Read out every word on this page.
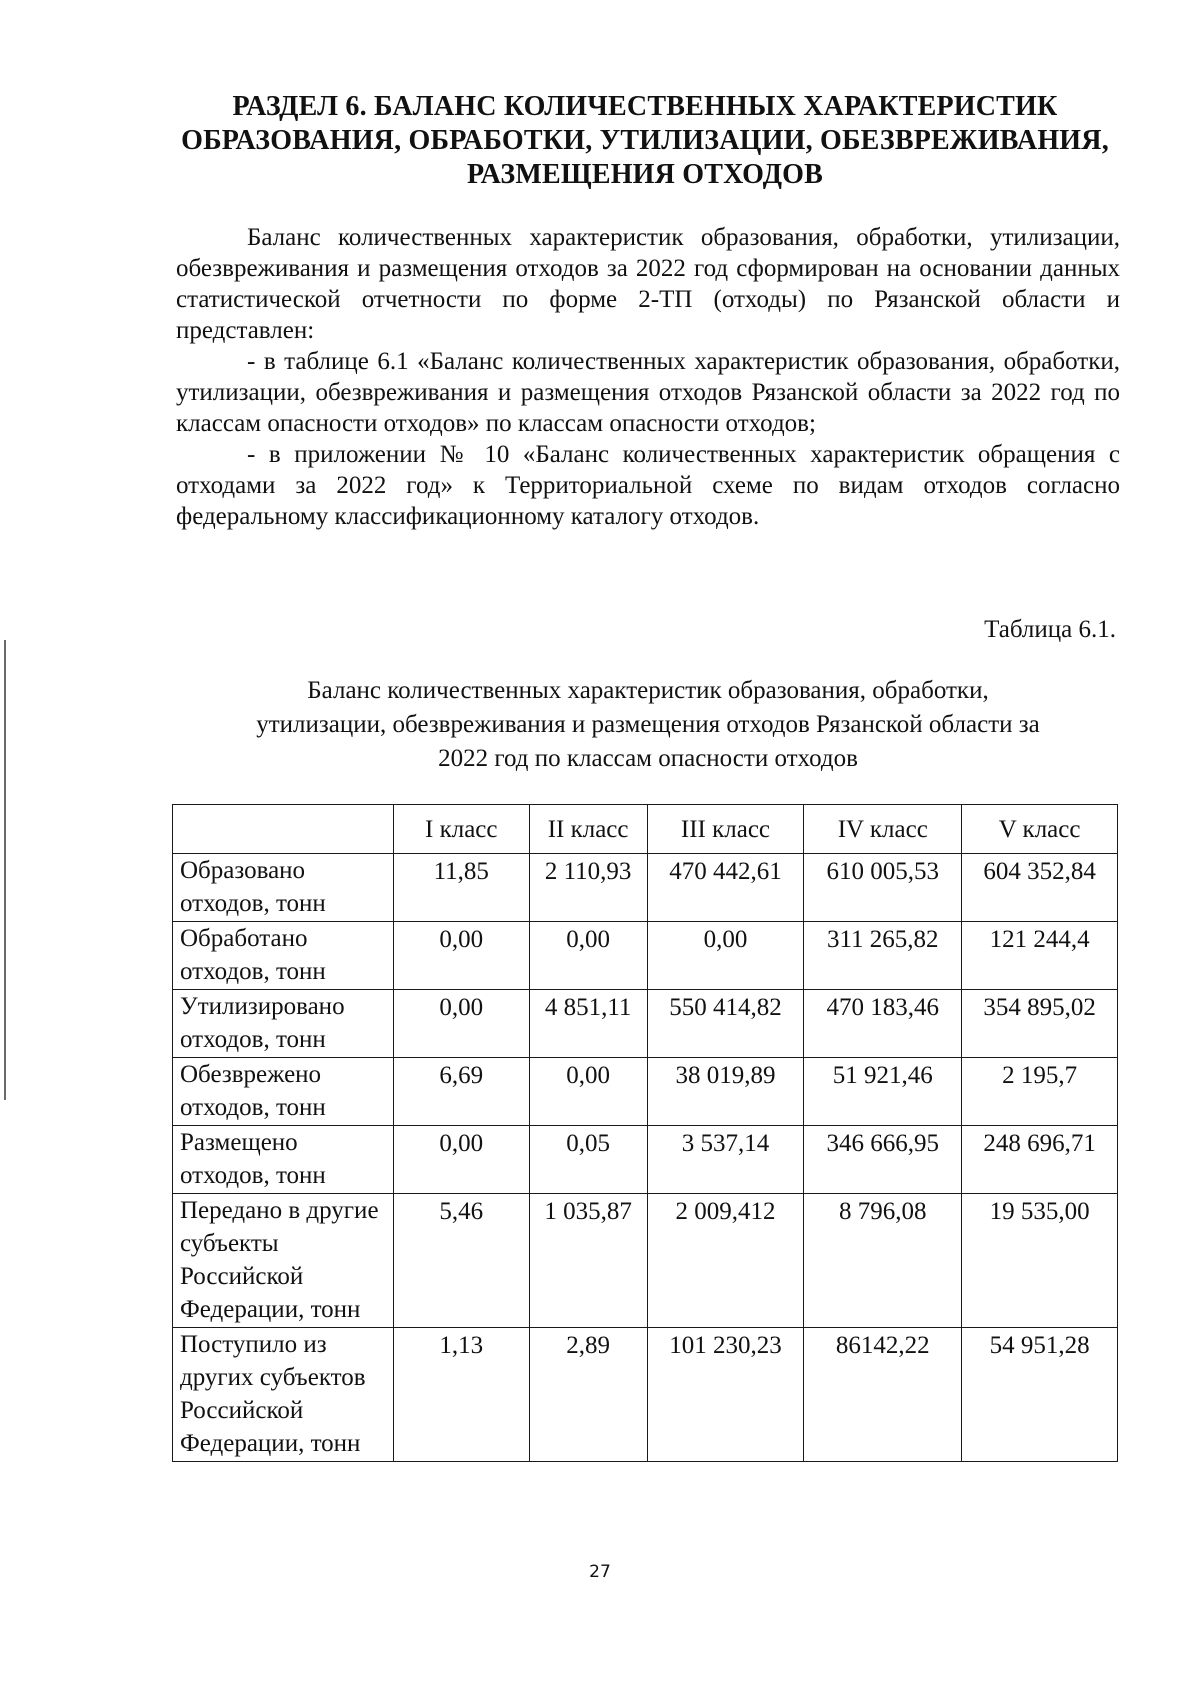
РАЗДЕЛ 6. БАЛАНС КОЛИЧЕСТВЕННЫХ ХАРАКТЕРИСТИК
ОБРАЗОВАНИЯ, ОБРАБОТКИ, УТИЛИЗАЦИИ, ОБЕЗВРЕЖИВАНИЯ,
РАЗМЕЩЕНИЯ ОТХОДОВ

Баланс количественных характеристик образования, обработки, утилизации, обезвреживания и размещения отходов за 2022 год сформирован на основании данных статистической отчетности по форме 2-ТП (отходы) по Рязанской области и представлен:

- в таблице 6.1 «Баланс количественных характеристик образования, обработки, утилизации, обезвреживания и размещения отходов Рязанской области за 2022 год по классам опасности отходов» по классам опасности отходов;

- в приложении № 10 «Баланс количественных характеристик обращения с отходами за 2022 год» к Территориальной схеме по видам отходов согласно федеральному классификационному каталогу отходов.

Таблица 6.1.
Баланс количественных характеристик образования, обработки,
утилизации, обезвреживания и размещения отходов Рязанской области за
2022 год по классам опасности отходов
	I класс	II класс	III класс	IV класс	V класс
Образовано отходов, тонн	11,85	2 110,93	470 442,61	610 005,53	604 352,84
Обработано отходов, тонн	0,00	0,00	0,00	311 265,82	121 244,4
Утилизировано отходов, тонн	0,00	4 851,11	550 414,82	470 183,46	354 895,02
Обезврежено отходов, тонн	6,69	0,00	38 019,89	51 921,46	2 195,7
Размещено отходов, тонн	0,00	0,05	3 537,14	346 666,95	248 696,71
Передано в другие субъекты Российской Федерации, тонн	5,46	1 035,87	2 009,412	8 796,08	19 535,00
Поступило из других субъектов Российской Федерации, тонн	1,13	2,89	101 230,23	86142,22	54 951,28
27
